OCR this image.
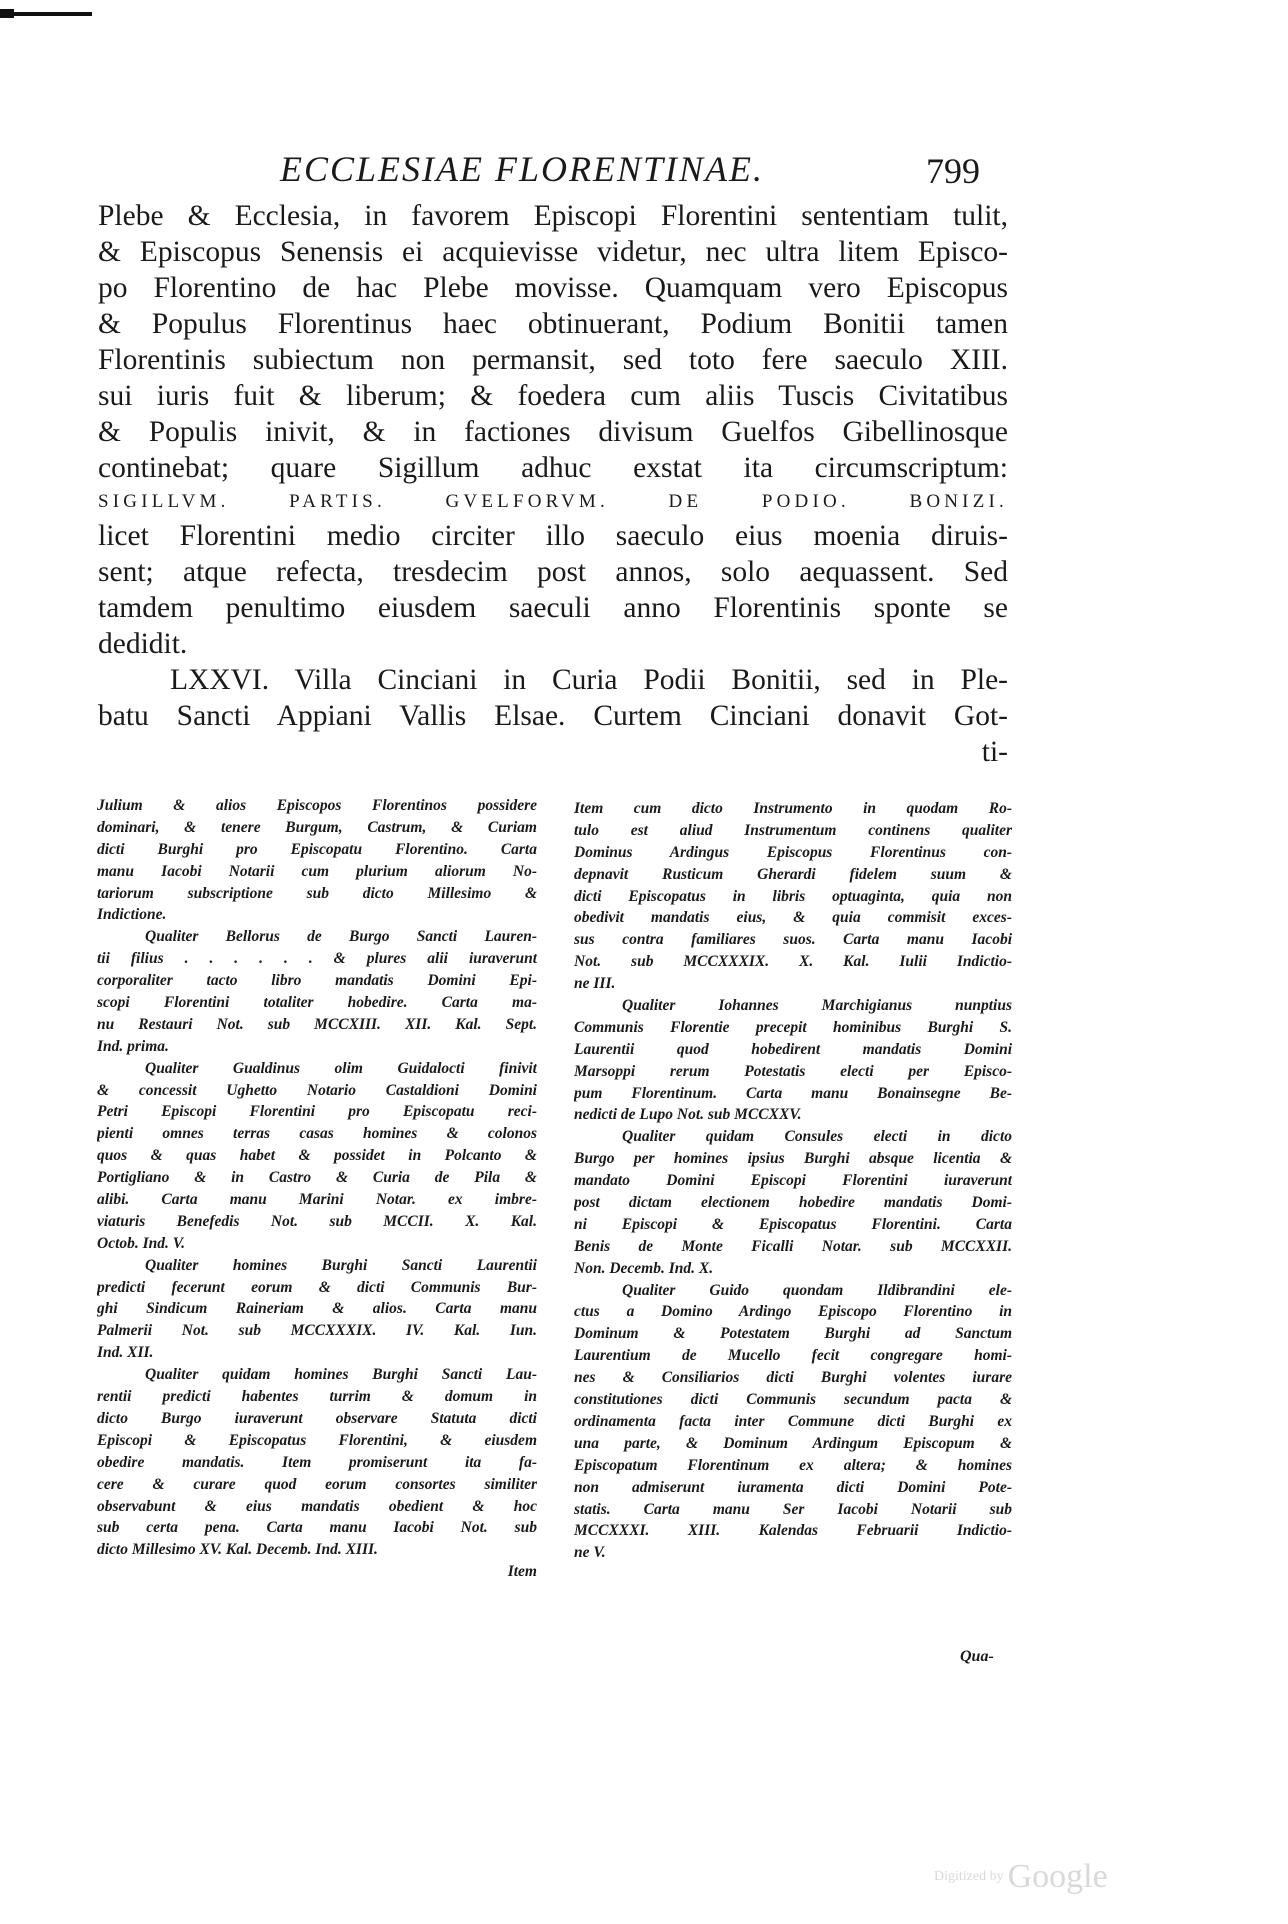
ECCLESIAE FLORENTINAE.	799
Plebe & Ecclesia, in favorem Episcopi Florentini sententiam tulit,
& Episcopus Senensis ei acquievisse videtur, nec ultra litem Episco-
po Florentino de hac Plebe movisse. Quamquam vero Episcopus
& Populus Florentinus haec obtinuerant, Podium Bonitii tamen
Florentinis subiectum non permansit, sed toto fere saeculo XIII.
sui iuris fuit & liberum; & foedera cum aliis Tuscis Civitatibus
& Populis inivit, & in factiones divisum Guelfos Gibellinosque
continebat; quare Sigillum adhuc exstat ita circumscriptum:
SIGILLVM. PARTIS. GVELFORVM. DE PODIO. BONIZI.
licet Florentini medio circiter illo saeculo eius moenia diruis-
sent; atque refecta, tresdecim post annos, solo aequassent. Sed
tamdem penultimo eiusdem saeculi anno Florentinis sponte se
dedidit.
LXXVI. Villa Cinciani in Curia Podii Bonitii, sed in Ple-
batu Sancti Appiani Vallis Elsae. Curtem Cinciani donavit Got-
ti-
Julium & alios Episcopos Florentinos possidere
dominari, & tenere Burgum, Castrum, & Curiam
dicti Burghi pro Episcopatu Florentino. Carta
manu Iacobi Notarii cum plurium aliorum No-
tariorum subscriptione sub dicto Millesimo &
Indictione.
Qualiter Bellorus de Burgo Sancti Lauren-
tii filius . . . . . . & plures alii iuraverunt
corporaliter tacto libro mandatis Domini Epi-
scopi Florentini totaliter hobedire. Carta ma-
nu Restauri Not. sub MCCXIII. XII. Kal. Sept.
Ind. prima.
Qualiter Gualdinus olim Guidalocti finivit
& concessit Ughetto Notario Castaldioni Domini
Petri Episcopi Florentini pro Episcopatu reci-
pienti omnes terras casas homines & colonos
quos & quas habet & possidet in Polcanto &
Portigliano & in Castro & Curia de Pila &
alibi. Carta manu Marini Notar. ex imbre-
viaturis Benefedis Not. sub MCCII. X. Kal.
Octob. Ind. V.
Qualiter homines Burghi Sancti Laurentii
predicti fecerunt eorum & dicti Communis Bur-
ghi Sindicum Raineriam & alios. Carta manu
Palmerii Not. sub MCCXXXIX. IV. Kal. Iun.
Ind. XII.
Qualiter quidam homines Burghi Sancti Lau-
rentii predicti habentes turrim & domum in
dicto Burgo iuraverunt observare Statuta dicti
Episcopi & Episcopatus Florentini, & eiusdem
obedire mandatis. Item promiserunt ita fa-
cere & curare quod eorum consortes similiter
observabunt & eius mandatis obedient & hoc
sub certa pena. Carta manu Iacobi Not. sub
dicto Millesimo XV. Kal. Decemb. Ind. XIII.
Item
Item cum dicto Instrumento in quodam Ro-
tulo est aliud Instrumentum continens qualiter
Dominus Ardingus Episcopus Florentinus con-
depnavit Rusticum Gherardi fidelem suum &
dicti Episcopatus in libris optuaginta, quia non
obedivit mandatis eius, & quia commisit exces-
sus contra familiares suos. Carta manu Iacobi
Not. sub MCCXXXIX. X. Kal. Iulii Indictio-
ne III.
Qualiter Iohannes Marchigianus nunptius
Communis Florentie precepit hominibus Burghi S.
Laurentii quod hobedirent mandatis Domini
Marsoppi rerum Potestatis electi per Episco-
pum Florentinum. Carta manu Bonainsegne Be-
nedicti de Lupo Not. sub MCCXXV.
Qualiter quidam Consules electi in dicto
Burgo per homines ipsius Burghi absque licentia &
mandato Domini Episcopi Florentini iuraverunt
post dictam electionem hobedire mandatis Domi-
ni Episcopi & Episcopatus Florentini. Carta
Benis de Monte Ficalli Notar. sub MCCXXII.
Non. Decemb. Ind. X.
Qualiter Guido quondam Ildibrandini ele-
ctus a Domino Ardingo Episcopo Florentino in
Dominum & Potestatem Burghi ad Sanctum
Laurentium de Mucello fecit congregare homi-
nes & Consiliarios dicti Burghi volentes iurare
constitutiones dicti Communis secundum pacta &
ordinamenta facta inter Commune dicti Burghi ex
una parte, & Dominum Ardingum Episcopum &
Episcopatum Florentinum ex altera; & homines
non admiserunt iuramenta dicti Domini Pote-
statis. Carta manu Ser Iacobi Notarii sub
MCCXXXI. XIII. Kalendas Februarii Indictio-
ne V.
Qua-
Digitized by Google
